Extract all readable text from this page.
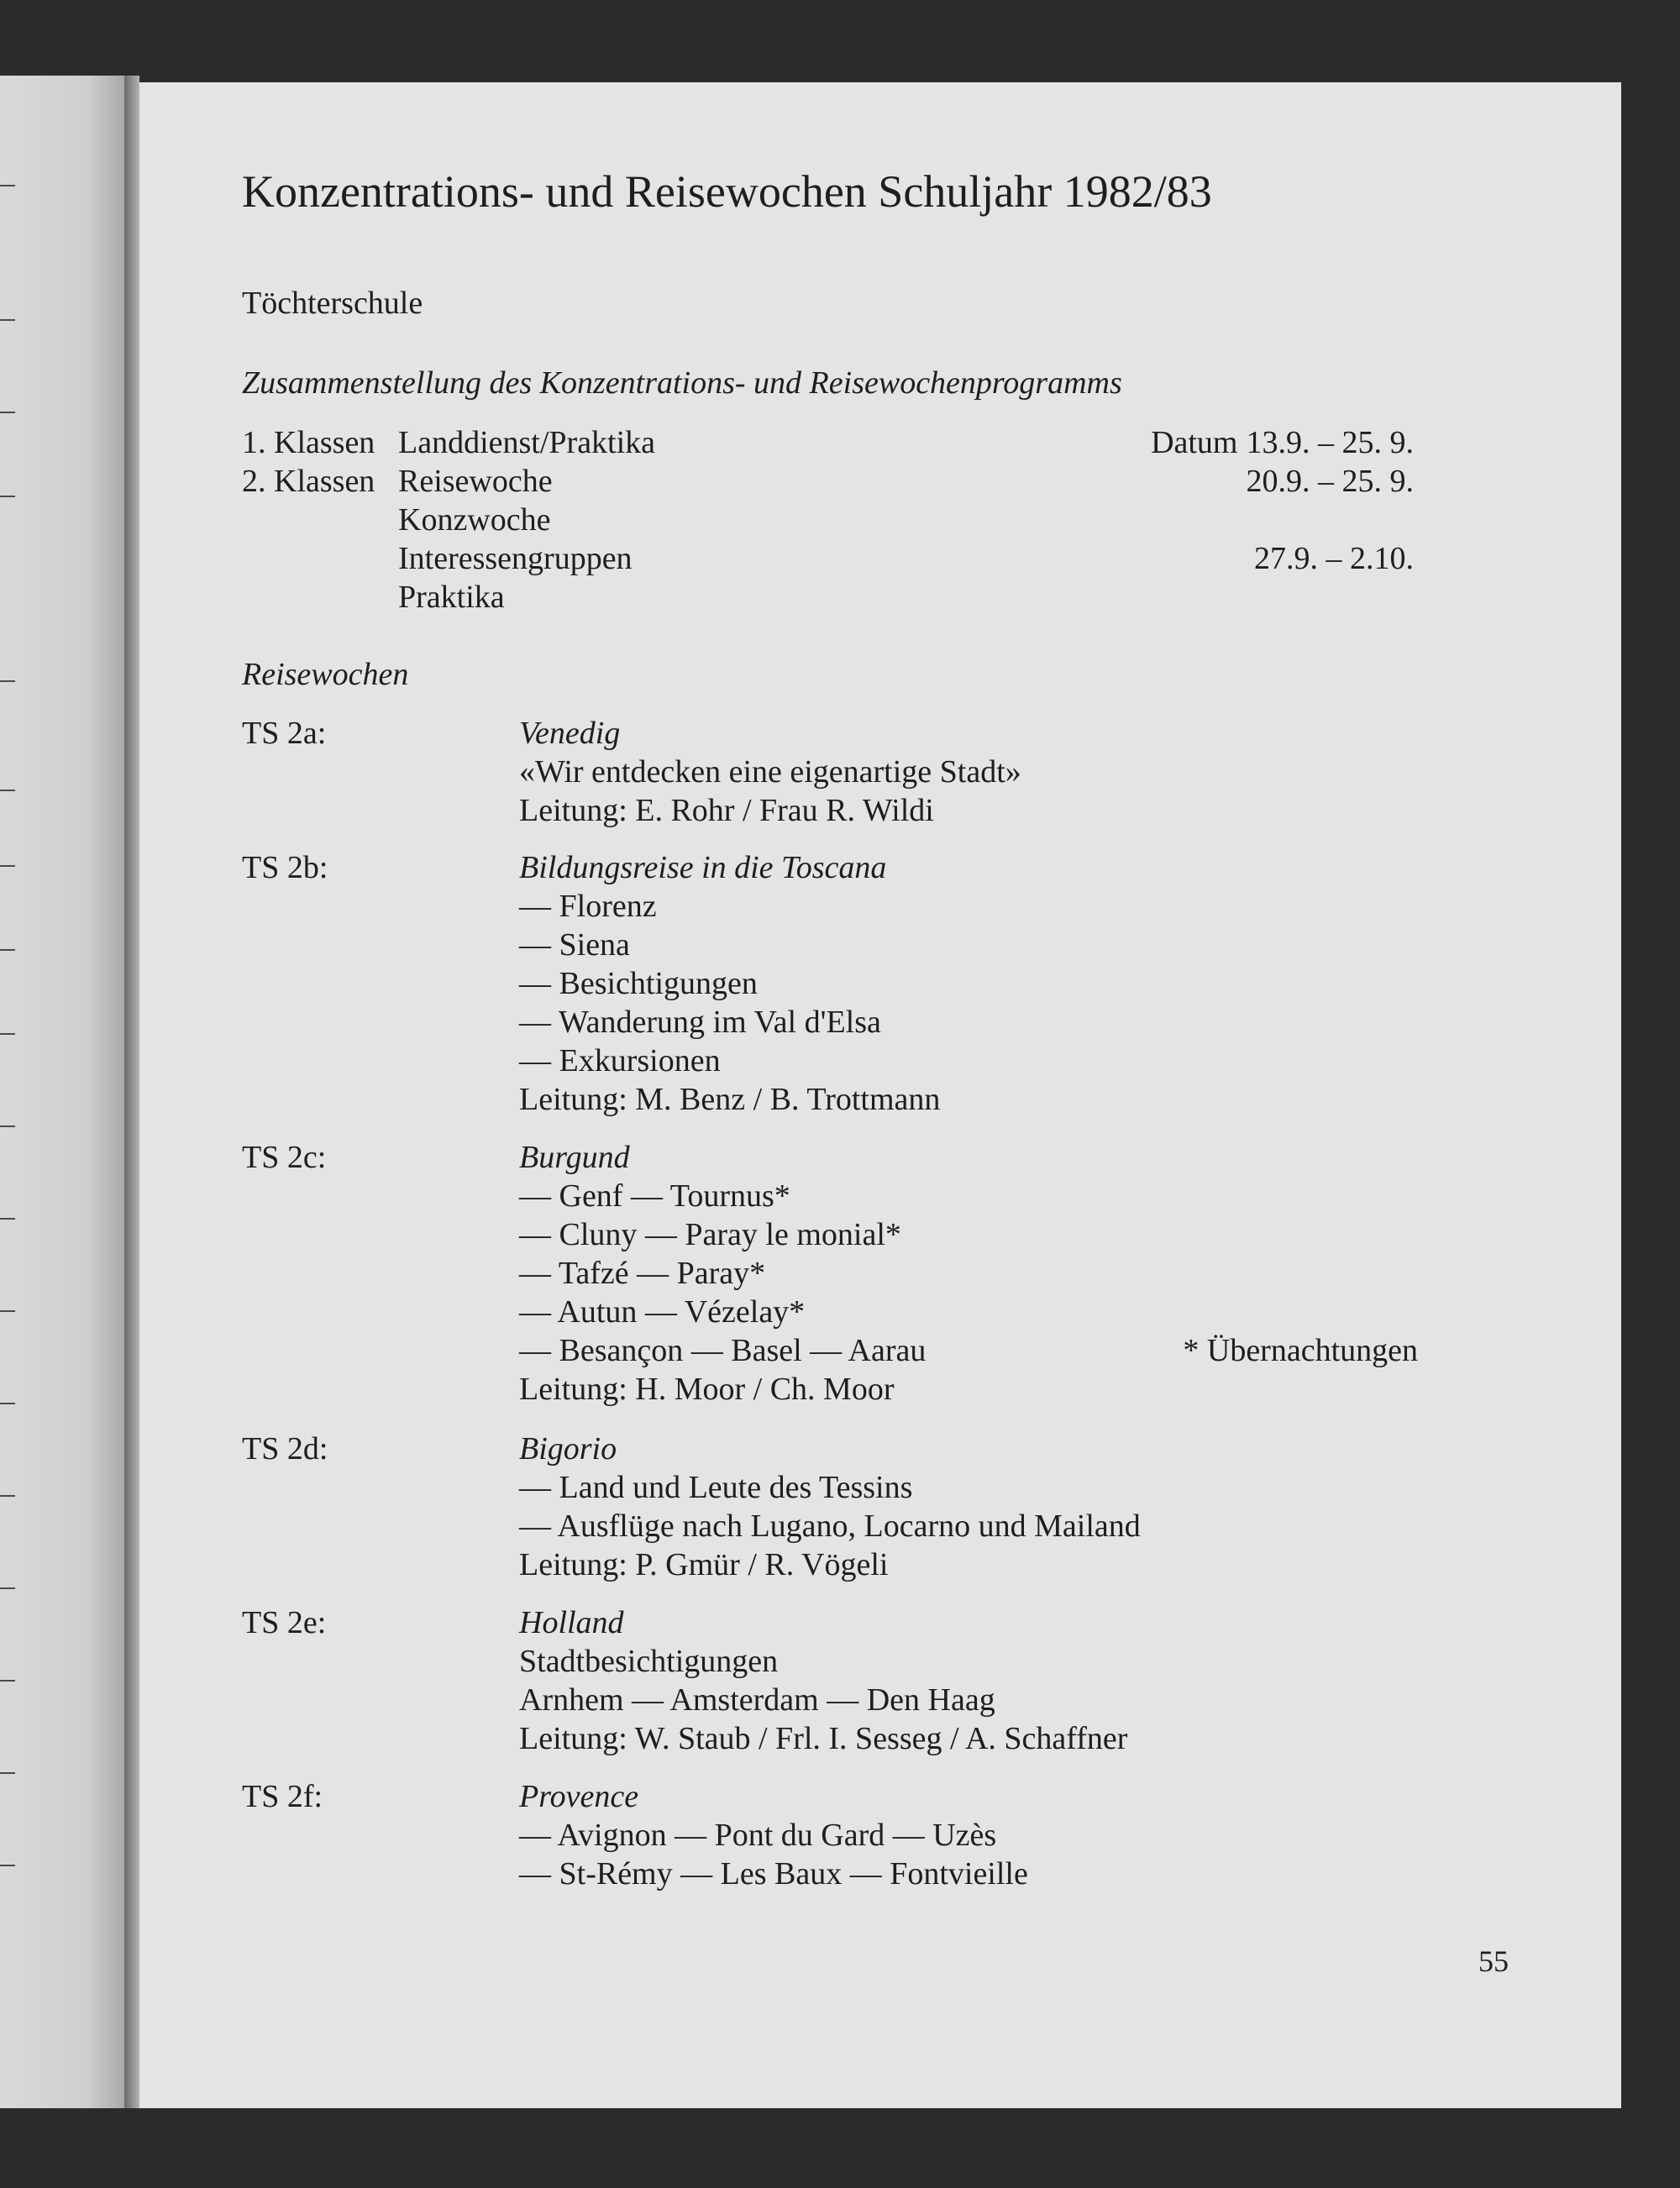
Konzentrations- und Reisewochen Schuljahr 1982/83
Töchterschule
Zusammenstellung des Konzentrations- und Reisewochenprogramms
1. Klassen Landdienst/Praktika	Datum 13.9. – 25. 9.
2. Klassen Reisewoche	20.9. – 25. 9.
Konzwoche
Interessengruppen	27.9. – 2.10.
Praktika
Reisewochen
TS 2a:	Venedig
«Wir entdecken eine eigenartige Stadt»
Leitung: E. Rohr / Frau R. Wildi
TS 2b:	Bildungsreise in die Toscana
— Florenz
— Siena
— Besichtigungen
— Wanderung im Val d'Elsa
— Exkursionen
Leitung: M. Benz / B. Trottmann
TS 2c:	Burgund
— Genf — Tournus*
— Cluny — Paray le monial*
— Tafzé — Paray*
— Autun — Vézelay*
— Besançon — Basel — Aarau
Leitung: H. Moor / Ch. Moor
* Übernachtungen
TS 2d:	Bigorio
— Land und Leute des Tessins
— Ausflüge nach Lugano, Locarno und Mailand
Leitung: P. Gmür / R. Vögeli
TS 2e:	Holland
Stadtbesichtigungen
Arnhem — Amsterdam — Den Haag
Leitung: W. Staub / Frl. I. Sesseg / A. Schaffner
TS 2f:	Provence
— Avignon — Pont du Gard — Uzès
— St-Rémy — Les Baux — Fontvieille
55
